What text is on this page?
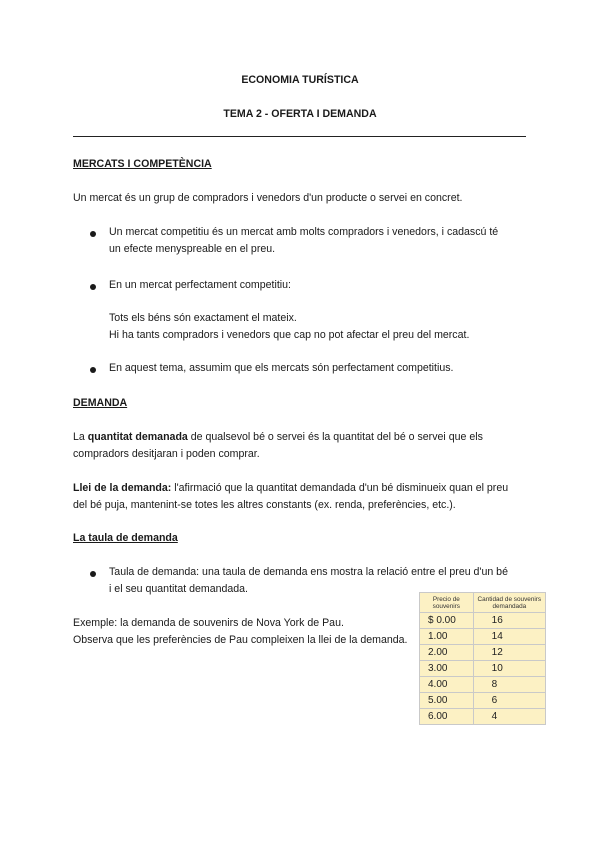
ECONOMIA TURÍSTICA
TEMA 2 - OFERTA I DEMANDA
MERCATS I COMPETÈNCIA
Un mercat és un grup de compradors i venedors d'un producte o servei en concret.
Un mercat competitiu és un mercat amb molts compradors i venedors, i cadascú té
un efecte menyspreable en el preu.
En un mercat perfectament competitiu:
Tots els béns són exactament el mateix.
Hi ha tants compradors i venedors que cap no pot afectar el preu del mercat.
En aquest tema, assumim que els mercats són perfectament competitius.
DEMANDA
La quantitat demanada de qualsevol bé o servei és la quantitat del bé o servei que els
compradors desitjaran i poden comprar.
Llei de la demanda: l'afirmació que la quantitat demandada d'un bé disminueix quan el preu
del bé puja, mantenint-se totes les altres constants (ex. renda, preferències, etc.).
La taula de demanda
Taula de demanda: una taula de demanda ens mostra la relació entre el preu d'un bé
i el seu quantitat demandada.
Exemple: la demanda de souvenirs de Nova York de Pau.
Observa que les preferències de Pau compleixen la llei de la demanda.
Precio de souvenirs	Cantidad de souvenirs demandada
$ 0.00	16
1.00	14
2.00	12
3.00	10
4.00	8
5.00	6
6.00	4
